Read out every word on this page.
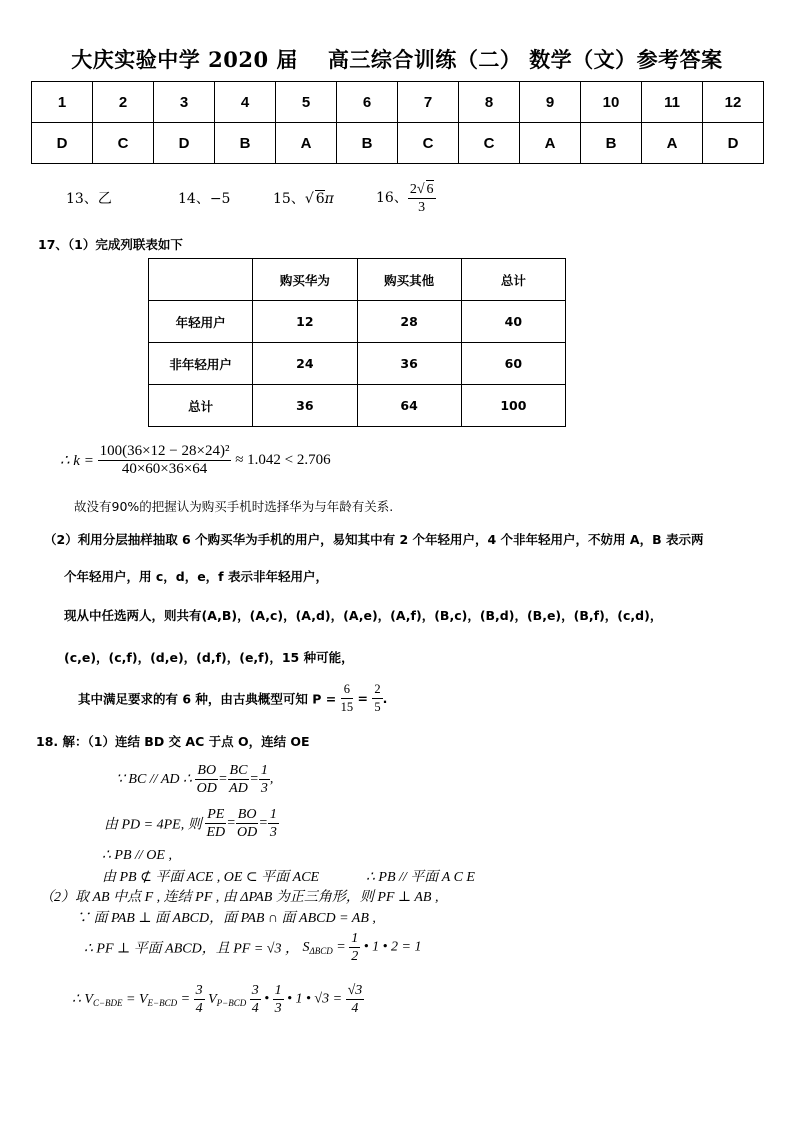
大庆实验中学 2020 届 高三综合训练（二） 数学（文）参考答案
1	2	3	4	5	6	7	8	9	10	11	12
D	C	D	B	A	B	C	C	A	B	A	D
13、乙	14、−5	15、√ 6π	16、 $\frac{2√ 6}{3}$
17、（1）完成列联表如下
	购买华为	购买其他	总计
年轻用户	12	28	40
非年轻用户	24	36	60
总计	36	64	100
∴ $k = \frac{\text{100(36×12 − 28×24)²}}{40\times 60\times 36\times 64} \approx 1.042 < 2.706$
故没有90%的把握认为购买手机时选择华为与年龄有关系.
（2）利用分层抽样抽取 6 个购买华为手机的用户，易知其中有 2 个年轻用户，4 个非年轻用户，不妨用 A，B 表示两
个年轻用户，用 c，d，e，f 表示非年轻用户，
现从中任选两人，则共有(A,B)，(A,c)，(A,d)，(A,e)，(A,f)，(B,c)，(B,d)，(B,e)，(B,f)，(c,d)，
(c,e)，(c,f)，(d,e)，(d,f)，(e,f)，15 种可能，
其中满足要求的有 6 种，由古典概型可知 $P = \frac{6}{15} = \frac{2}{5}$ .
18. 解：（1）连结 BD 交 AC 于点 O，连结 OE
∵ BC // AD ∴ $\frac{BO}{OD} = \frac{BC}{AD} = \frac{1}{3}$ ,
由 PD = 4PE, 则 $\frac{PE}{ED} = \frac{BO}{OD} = \frac{1}{3}$
∴ PB // OE ,
由 PB ⊄ 平面 ACE , OE ⊂ 平面 ACE	∴ PB // 平面 A C E
（2）取 AB 中点 F , 连结 PF , 由 ΔPAB 为正三角形，则 PF ⊥ AB ,
∵ 面 PAB ⊥ 面 ABCD，面 PAB ∩ 面 ABCD = AB ,
∴ PF ⊥ 平面 ABCD，且 PF = √3 ， $S_{\Delta BCD} = \frac{1}{2}$ • 1 • 2 = 1
∴ $V_{C-BDE} = V_{E-BCD} = \frac{3}{4} V_{P-BCD} \frac{3}{4}$ • $\frac{1}{3}$ • 1 • $√3 = \frac{√3}{4}$
